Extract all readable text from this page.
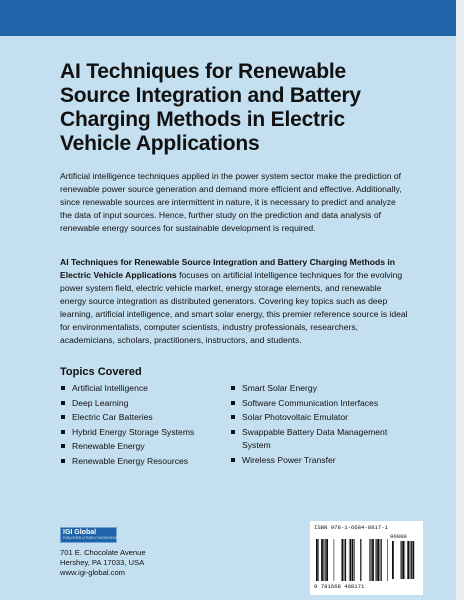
AI Techniques for Renewable Source Integration and Battery Charging Methods in Electric Vehicle Applications
Artificial intelligence techniques applied in the power system sector make the prediction of renewable power source generation and demand more efficient and effective. Additionally, since renewable sources are intermittent in nature, it is necessary to predict and analyze the data of input sources. Hence, further study on the prediction and data analysis of renewable energy sources for sustainable development is required.
AI Techniques for Renewable Source Integration and Battery Charging Methods in Electric Vehicle Applications focuses on artificial intelligence techniques for the evolving power system field, electric vehicle market, energy storage elements, and renewable energy source integration as distributed generators. Covering key topics such as deep learning, artificial intelligence, and smart solar energy, this premier reference source is ideal for environmentalists, computer scientists, industry professionals, researchers, academicians, scholars, practitioners, instructors, and students.
Topics Covered
Artificial Intelligence
Deep Learning
Electric Car Batteries
Hybrid Energy Storage Systems
Renewable Energy
Renewable Energy Resources
Smart Solar Energy
Software Communication Interfaces
Solar Photovoltaic Emulator
Swappable Battery Data Management System
Wireless Power Transfer
IGI Global
PUBLISHER of TIMELY KNOWLEDGE
701 E. Chocolate Avenue
Hershey, PA 17033, USA
www.igi-global.com
ISBN 978-1-6684-8817-1
90000
9 781668 488171
